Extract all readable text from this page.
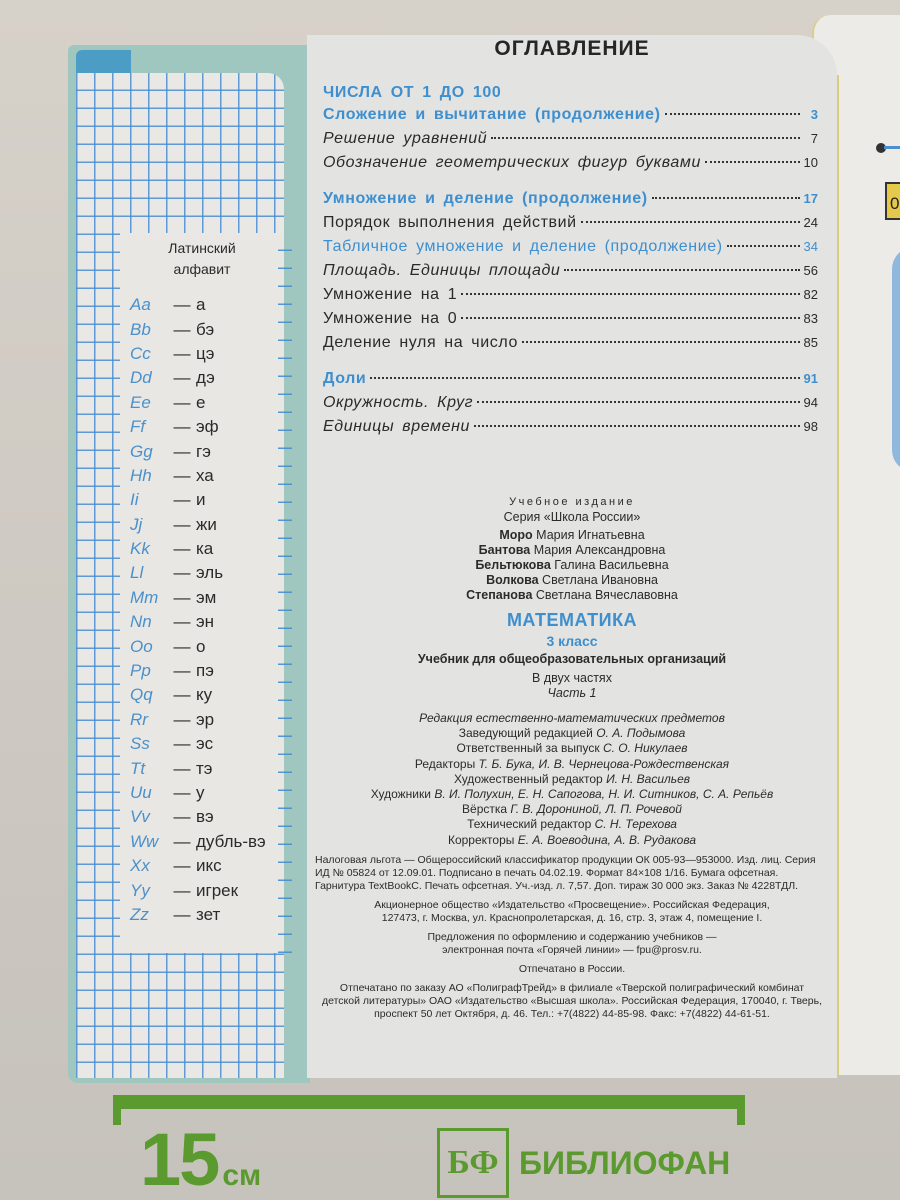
0
Латинский
алфавит
Aa	— а
Bb	— бэ
Cc	— цэ
Dd	— дэ
Ee	— е
Ff	— эф
Gg	— гэ
Hh	— ха
Ii	— и
Jj	— жи
Kk	— ка
Ll	— эль
Mm — эм
Nn	— эн
Oo	— о
Pp	— пэ
Qq	— ку
Rr	— эр
Ss	— эс
Tt	— тэ
Uu	— у
Vv	— вэ
Ww — дубль-вэ
Xx	— икс
Yy	— игрек
Zz	— зет
ОГЛАВЛЕНИЕ
ЧИСЛА ОТ 1 ДО 100
Сложение и вычитание (продолжение)	3
Решение уравнений	7
Обозначение геометрических фигур буквами	10
Умножение и деление (продолжение)	17
Порядок выполнения действий	24
Табличное умножение и деление (продолжение)	34
Площадь. Единицы площади	56
Умножение на 1	82
Умножение на 0	83
Деление нуля на число	85
Доли	91
Окружность. Круг	94
Единицы времени	98
Учебное издание
Серия «Школа России»
Моро Мария Игнатьевна
Бантова Мария Александровна
Бельтюкова Галина Васильевна
Волкова Светлана Ивановна
Степанова Светлана Вячеславовна
МАТЕМАТИКА
3 класс
Учебник для общеобразовательных организаций
В двух частях
Часть 1
Редакция естественно-математических предметов
Заведующий редакцией О. А. Подымова
Ответственный за выпуск С. О. Никулаев
Редакторы Т. Б. Бука, И. В. Чернецова-Рождественская
Художественный редактор И. Н. Васильев
Художники В. И. Полухин, Е. Н. Сапогова, Н. И. Ситников, С. А. Репьёв
Вёрстка Г. В. Дорониной, Л. П. Рочевой
Технический редактор С. Н. Терехова
Корректоры Е. А. Воеводина, А. В. Рудакова
Налоговая льгота — Общероссийский классификатор продукции ОК 005-93—953000. Изд. лиц. Серия
ИД № 05824 от 12.09.01. Подписано в печать 04.02.19. Формат 84×108 1/16. Бумага офсетная.
Гарнитура TextBookC. Печать офсетная. Уч.-изд. л. 7,57. Доп. тираж 30 000 экз. Заказ № 4228ТДЛ.
Акционерное общество «Издательство «Просвещение». Российская Федерация,
127473, г. Москва, ул. Краснопролетарская, д. 16, стр. 3, этаж 4, помещение I.
Предложения по оформлению и содержанию учебников —
электронная почта «Горячей линии» — fpu@prosv.ru.
Отпечатано в России.
Отпечатано по заказу АО «ПолиграфТрейд» в филиале «Тверской полиграфический комбинат
детской литературы» ОАО «Издательство «Высшая школа». Российская Федерация, 170040, г. Тверь,
проспект 50 лет Октября, д. 46. Тел.: +7(4822) 44-85-98. Факс: +7(4822) 44-61-51.
15 см	БФ БИБЛИОФАН
